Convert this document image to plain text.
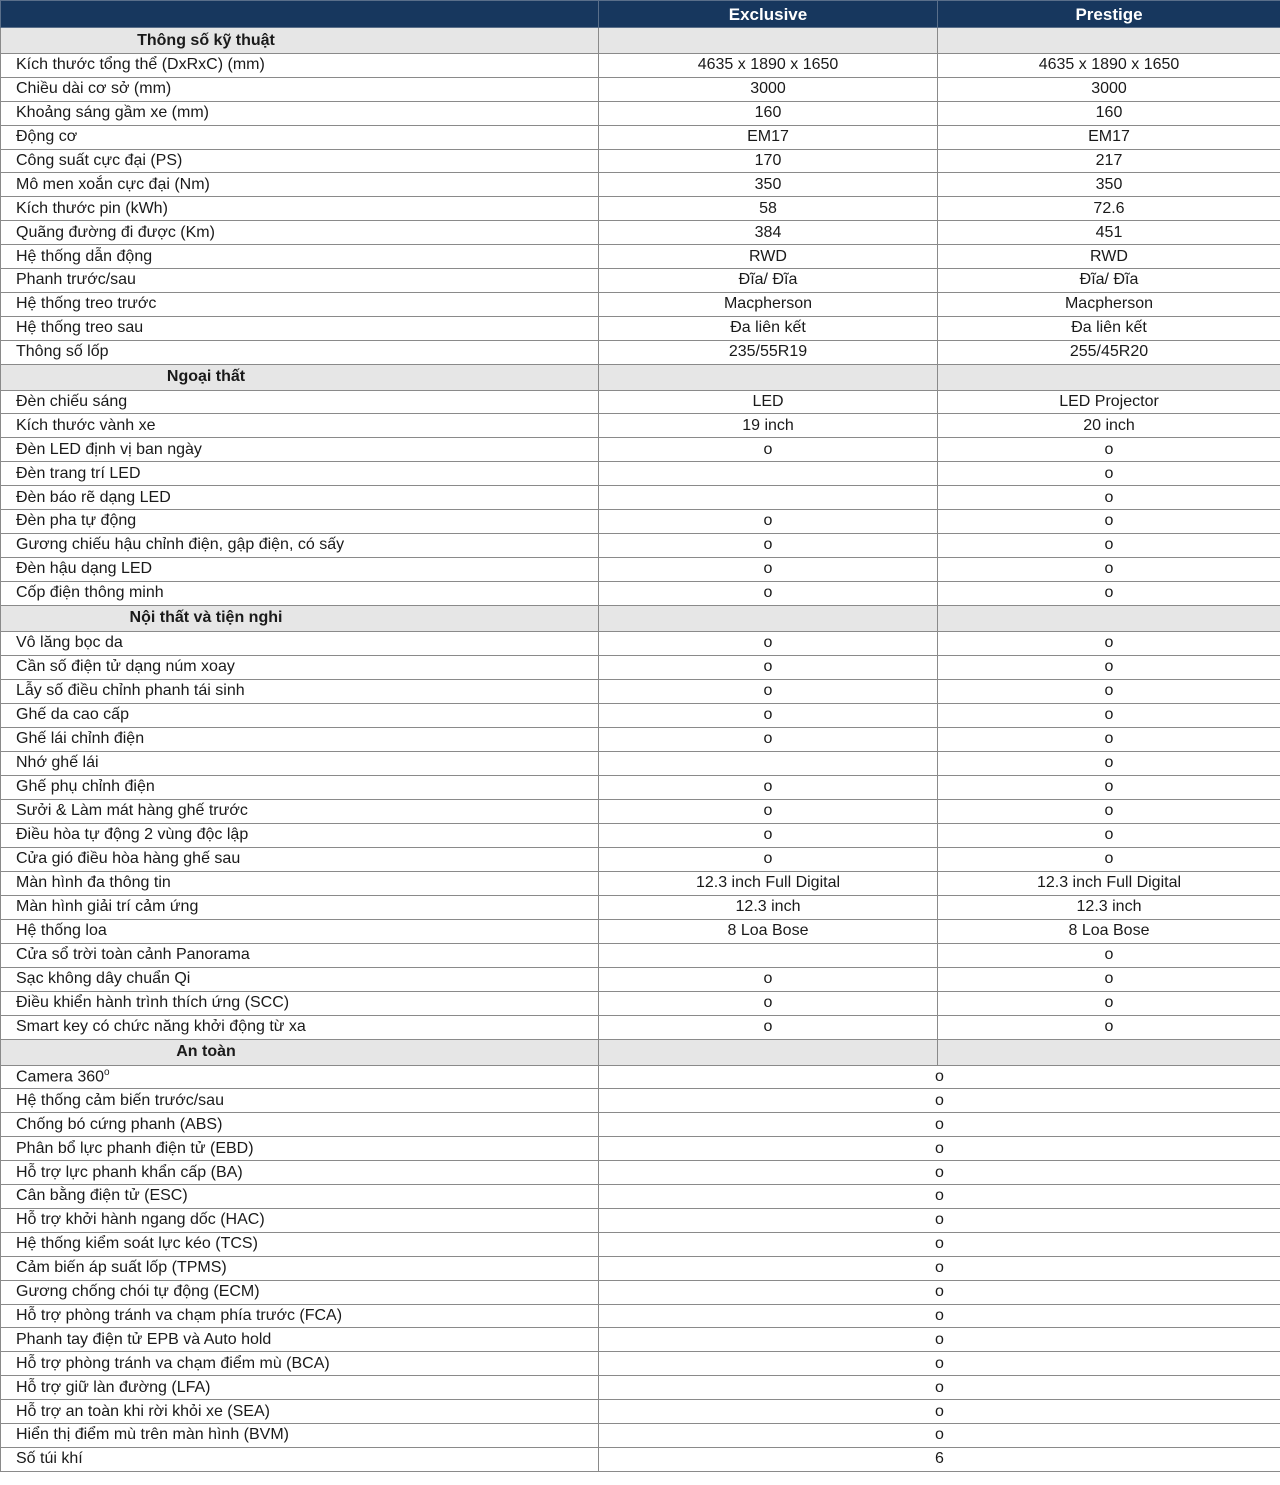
	Exclusive	Prestige
Thông số kỹ thuật		
Kích thước tổng thể (DxRxC) (mm)	4635 x 1890 x 1650	4635 x 1890 x 1650
Chiều dài cơ sở (mm)	3000	3000
Khoảng sáng gầm xe (mm)	160	160
Động cơ	EM17	EM17
Công suất cực đại (PS)	170	217
Mô men xoắn cực đại (Nm)	350	350
Kích thước pin (kWh)	58	72.6
Quãng đường đi được (Km)	384	451
Hệ thống dẫn động	RWD	RWD
Phanh trước/sau	Đĩa/ Đĩa	Đĩa/ Đĩa
Hệ thống treo trước	Macpherson	Macpherson
Hệ thống treo sau	Đa liên kết	Đa liên kết
Thông số lốp	235/55R19	255/45R20
Ngoại thất		
Đèn chiếu sáng	LED	LED Projector
Kích thước vành xe	19 inch	20 inch
Đèn LED định vị ban ngày	o	o
Đèn trang trí LED		o
Đèn báo rẽ dạng LED		o
Đèn pha tự động	o	o
Gương chiếu hậu chỉnh điện, gập điện, có sấy	o	o
Đèn hậu dạng LED	o	o
Cốp điện thông minh	o	o
Nội thất và tiện nghi		
Vô lăng bọc da	o	o
Cần số điện tử dạng núm xoay	o	o
Lẫy số điều chỉnh phanh tái sinh	o	o
Ghế da cao cấp	o	o
Ghế lái chỉnh điện	o	o
Nhớ ghế lái		o
Ghế phụ chỉnh điện	o	o
Sưởi & Làm mát hàng ghế trước	o	o
Điều hòa tự động 2 vùng độc lập	o	o
Cửa gió điều hòa hàng ghế sau	o	o
Màn hình đa thông tin	12.3 inch Full Digital	12.3 inch Full Digital
Màn hình giải trí cảm ứng	12.3 inch	12.3 inch
Hệ thống loa	8 Loa Bose	8 Loa Bose
Cửa sổ trời toàn cảnh Panorama		o
Sạc không dây chuẩn Qi	o	o
Điều khiển hành trình thích ứng (SCC)	o	o
Smart key có chức năng khởi động từ xa	o	o
An toàn		
Camera 360$^o$	o	
Hệ thống cảm biến trước/sau	o	
Chống bó cứng phanh (ABS)	o	
Phân bổ lực phanh điện tử (EBD)	o	
Hỗ trợ lực phanh khẩn cấp (BA)	o	
Cân bằng điện tử (ESC)	o	
Hỗ trợ khởi hành ngang dốc (HAC)	o	
Hệ thống kiểm soát lực kéo (TCS)	o	
Cảm biến áp suất lốp (TPMS)	o	
Gương chống chói tự động (ECM)	o	
Hỗ trợ phòng tránh va chạm phía trước (FCA)	o	
Phanh tay điện tử EPB và Auto hold	o	
Hỗ trợ phòng tránh va chạm điểm mù (BCA)	o	
Hỗ trợ giữ làn đường (LFA)	o	
Hỗ trợ an toàn khi rời khỏi xe (SEA)	o	
Hiển thị điểm mù trên màn hình (BVM)	o	
Số túi khí	6	
